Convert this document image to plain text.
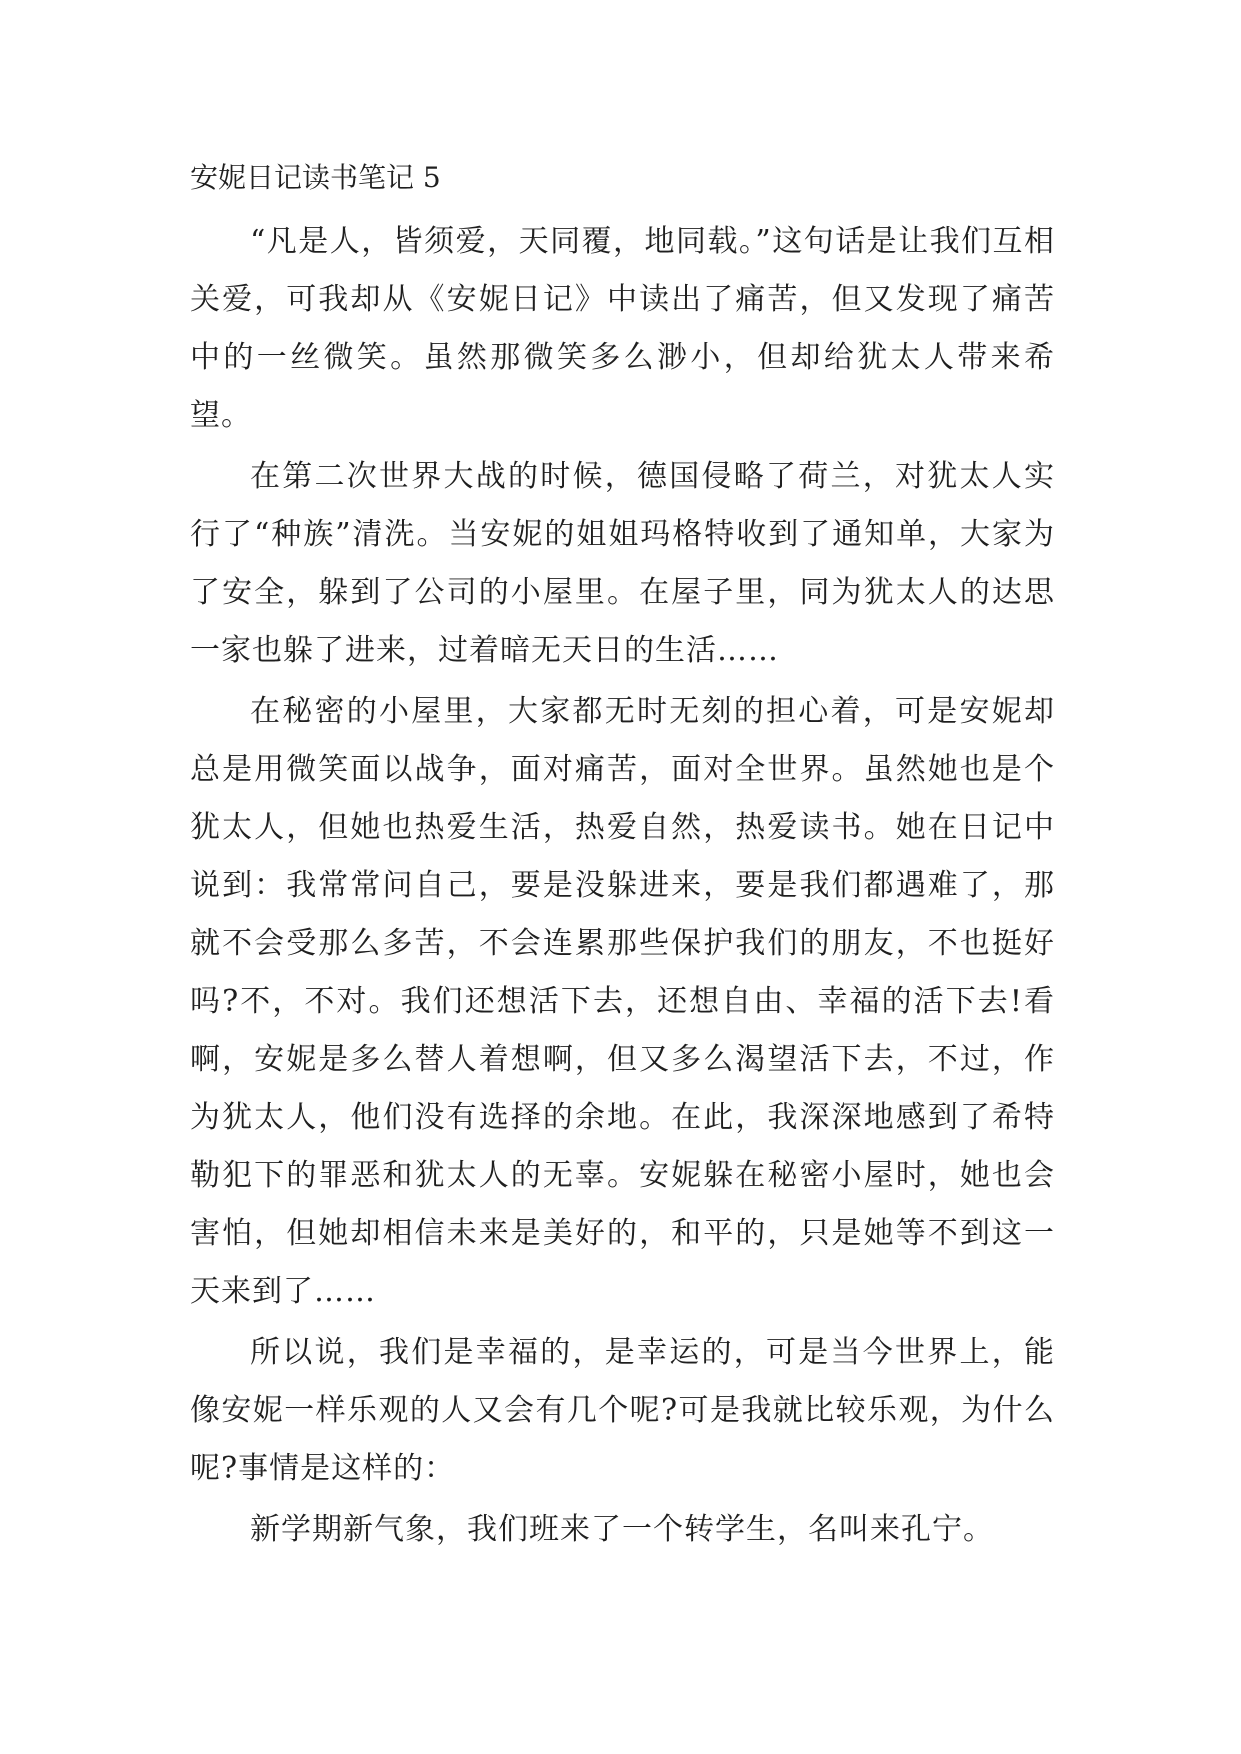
安妮日记读书笔记 5

“凡是人，皆须爱，天同覆，地同载。”这句话是让我们互相关爱，可我却从《安妮日记》中读出了痛苦，但又发现了痛苦中的一丝微笑。虽然那微笑多么渺小，但却给犹太人带来希望。

在第二次世界大战的时候，德国侵略了荷兰，对犹太人实行了“种族”清洗。当安妮的姐姐玛格特收到了通知单，大家为了安全，躲到了公司的小屋里。在屋子里，同为犹太人的达思一家也躲了进来，过着暗无天日的生活……

在秘密的小屋里，大家都无时无刻的担心着，可是安妮却总是用微笑面以战争，面对痛苦，面对全世界。虽然她也是个犹太人，但她也热爱生活，热爱自然，热爱读书。她在日记中说到：我常常问自己，要是没躲进来，要是我们都遇难了，那就不会受那么多苦，不会连累那些保护我们的朋友，不也挺好吗?不，不对。我们还想活下去，还想自由、幸福的活下去!看啊，安妮是多么替人着想啊，但又多么渴望活下去，不过，作为犹太人，他们没有选择的余地。在此，我深深地感到了希特勒犯下的罪恶和犹太人的无辜。安妮躲在秘密小屋时，她也会害怕，但她却相信未来是美好的，和平的，只是她等不到这一天来到了……

所以说，我们是幸福的，是幸运的，可是当今世界上，能像安妮一样乐观的人又会有几个呢?可是我就比较乐观，为什么呢?事情是这样的：

新学期新气象，我们班来了一个转学生，名叫来孔宁。
